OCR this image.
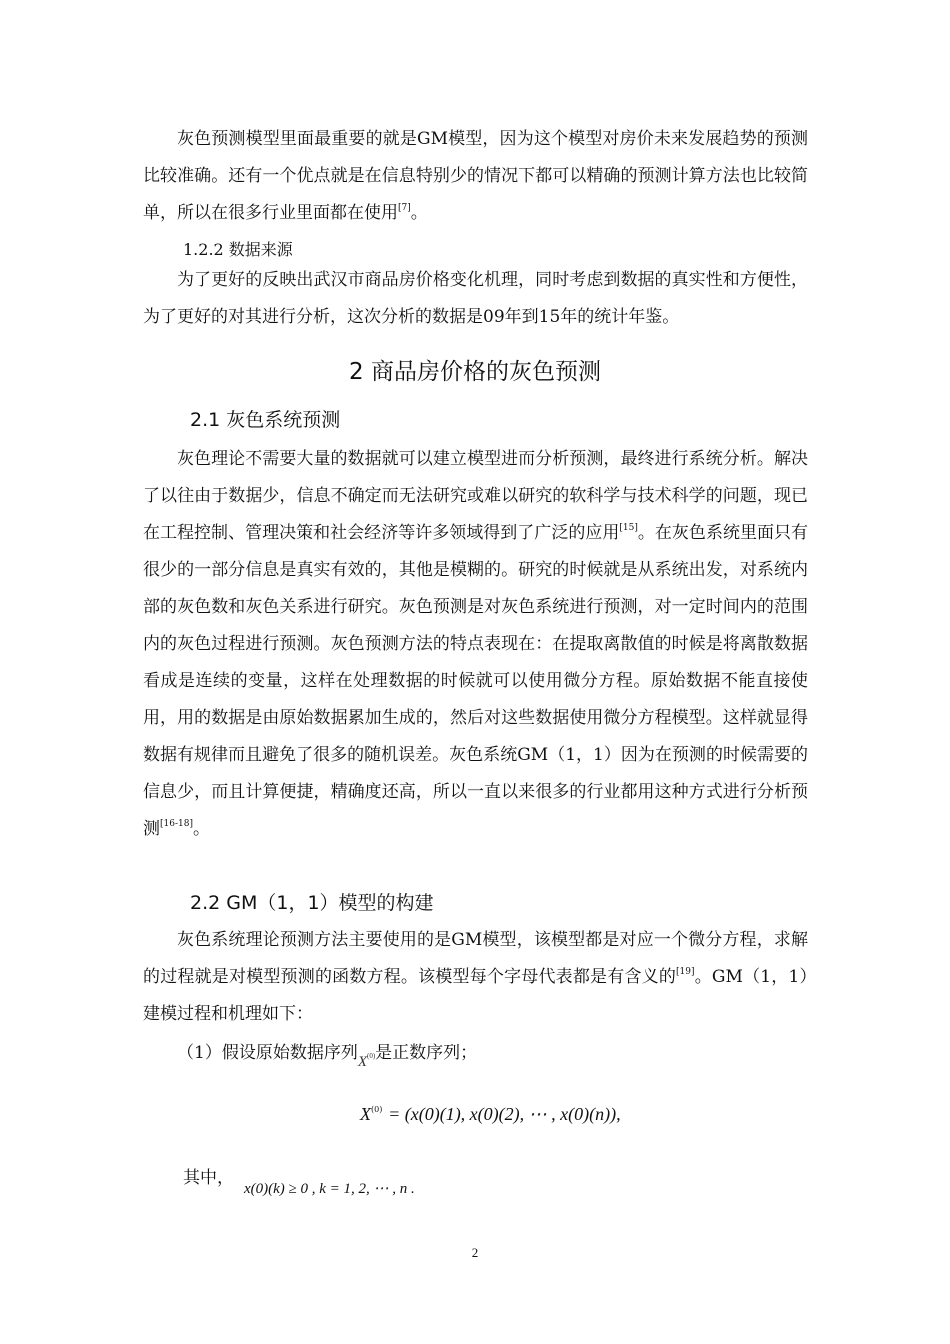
灰色预测模型里面最重要的就是GM模型，因为这个模型对房价未来发展趋势的预测比较准确。还有一个优点就是在信息特别少的情况下都可以精确的预测计算方法也比较简单，所以在很多行业里面都在使用[7]。

1.2.2 数据来源

为了更好的反映出武汉市商品房价格变化机理，同时考虑到数据的真实性和方便性，为了更好的对其进行分析，这次分析的数据是09年到15年的统计年鉴。

2 商品房价格的灰色预测
2.1 灰色系统预测

灰色理论不需要大量的数据就可以建立模型进而分析预测，最终进行系统分析。解决了以往由于数据少，信息不确定而无法研究或难以研究的软科学与技术科学的问题，现已在工程控制、管理决策和社会经济等许多领域得到了广泛的应用[15]。在灰色系统里面只有很少的一部分信息是真实有效的，其他是模糊的。研究的时候就是从系统出发，对系统内部的灰色数和灰色关系进行研究。灰色预测是对灰色系统进行预测，对一定时间内的范围内的灰色过程进行预测。灰色预测方法的特点表现在：在提取离散值的时候是将离散数据看成是连续的变量，这样在处理数据的时候就可以使用微分方程。原始数据不能直接使用，用的数据是由原始数据累加生成的，然后对这些数据使用微分方程模型。这样就显得数据有规律而且避免了很多的随机误差。灰色系统GM（1，1）因为在预测的时候需要的信息少，而且计算便捷，精确度还高，所以一直以来很多的行业都用这种方式进行分析预测[16-18]。

2.2 GM（1，1）模型的构建

灰色系统理论预测方法主要使用的是GM模型，该模型都是对应一个微分方程，求解的过程就是对模型预测的函数方程。该模型每个字母代表都是有含义的[19]。GM（1，1）建模过程和机理如下：

（1）假设原始数据序列$X^{(0)}$是正数序列；

$X^{(0)} = (x(0)(1)$, x(0)(2), ⋯ , x(0)(n)),
其中，x(0)(k) ≥ 0 , k = 1, 2, ⋯ , n .
2
